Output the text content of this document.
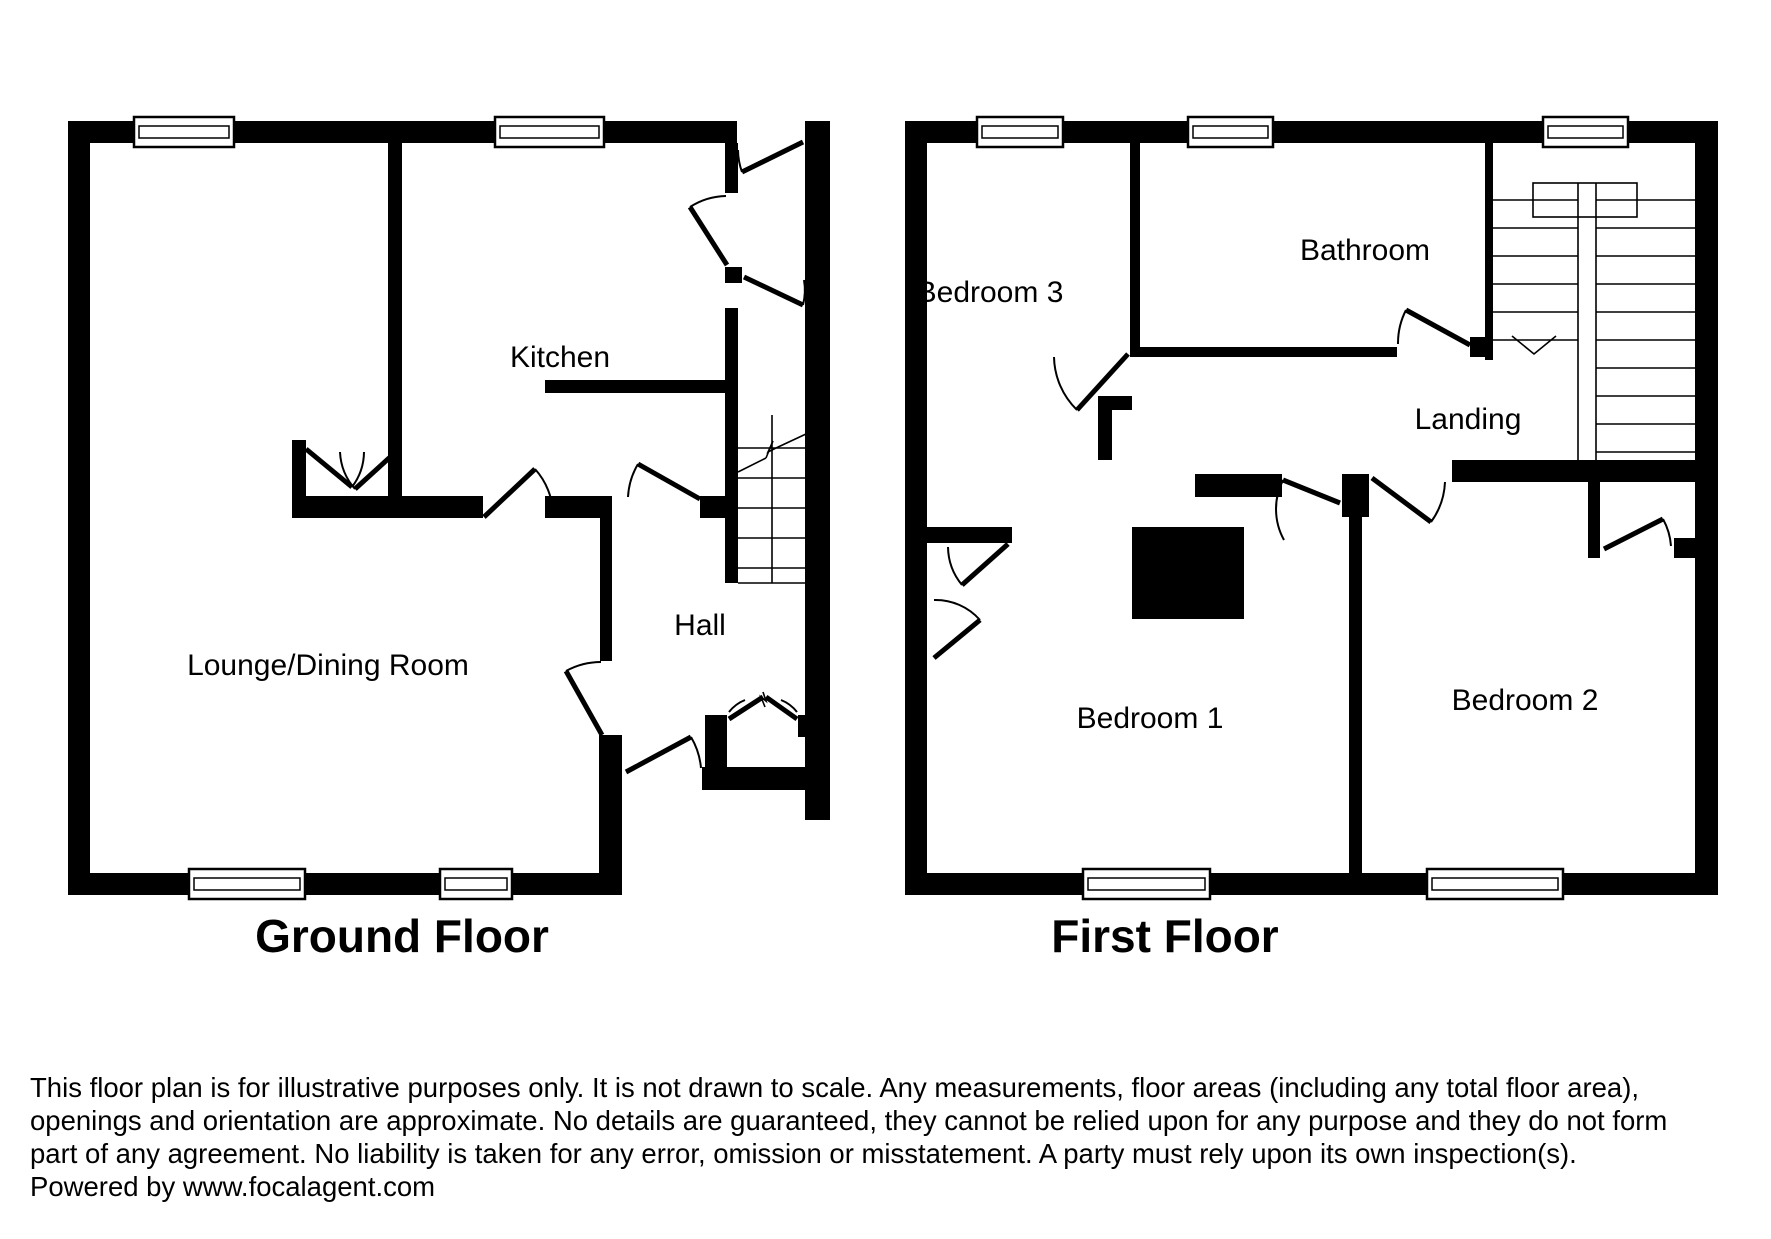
Kitchen
Lounge/Dining Room
Hall
Ground Floor
Bedroom 3
Bathroom
Landing
Bedroom 1
Bedroom 2
First Floor
This floor plan is for illustrative purposes only. It is not drawn to scale. Any measurements, floor areas (including any total floor area),
openings and orientation are approximate. No details are guaranteed, they cannot be relied upon for any purpose and they do not form
part of any agreement. No liability is taken for any error, omission or misstatement. A party must rely upon its own inspection(s).
Powered by www.focalagent.com
